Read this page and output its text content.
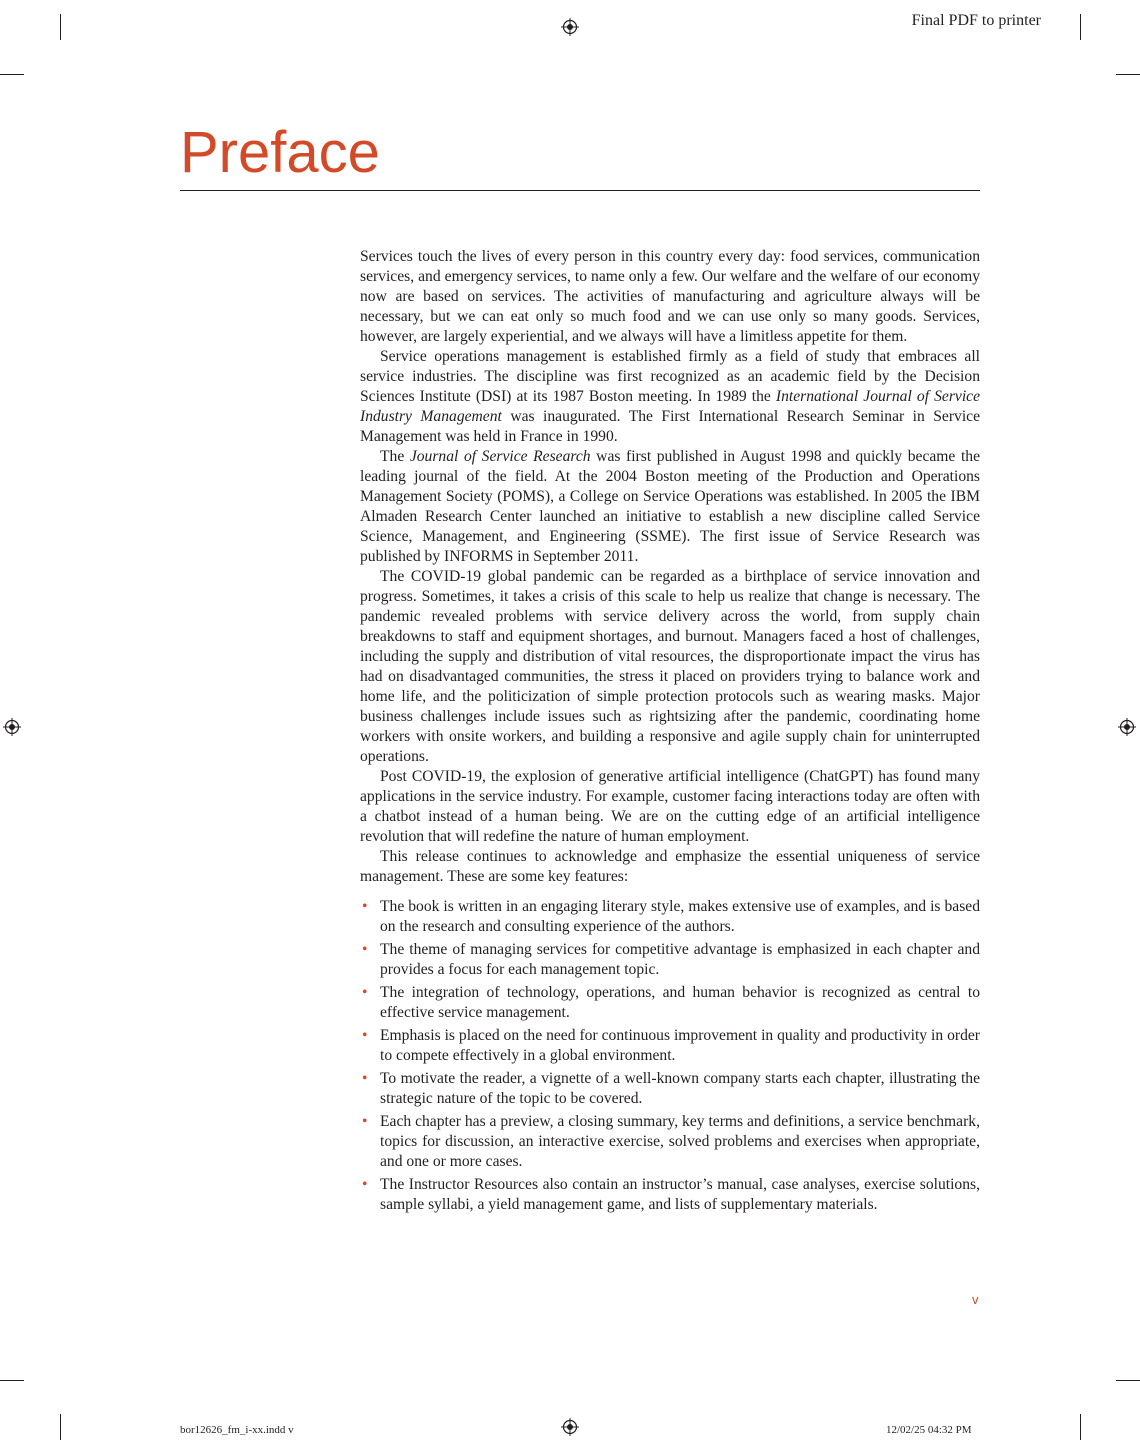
Final PDF to printer
Preface

Services touch the lives of every person in this country every day: food services, communication services, and emergency services, to name only a few. Our welfare and the welfare of our economy now are based on services. The activities of manufacturing and agriculture always will be necessary, but we can eat only so much food and we can use only so many goods. Services, however, are largely experiential, and we always will have a limitless appetite for them.

Service operations management is established firmly as a field of study that embraces all service industries. The discipline was first recognized as an academic field by the Decision Sciences Institute (DSI) at its 1987 Boston meeting. In 1989 the International Journal of Service Industry Management was inaugurated. The First International Research Seminar in Service Management was held in France in 1990.

The Journal of Service Research was first published in August 1998 and quickly became the leading journal of the field. At the 2004 Boston meeting of the Production and Operations Management Society (POMS), a College on Service Operations was established. In 2005 the IBM Almaden Research Center launched an initiative to establish a new discipline called Service Science, Management, and Engineering (SSME). The first issue of Service Research was published by INFORMS in September 2011.

The COVID-19 global pandemic can be regarded as a birthplace of service innovation and progress. Sometimes, it takes a crisis of this scale to help us realize that change is necessary. The pandemic revealed problems with service delivery across the world, from supply chain breakdowns to staff and equipment shortages, and burnout. Managers faced a host of challenges, including the supply and distribution of vital resources, the disproportionate impact the virus has had on disadvantaged communities, the stress it placed on providers trying to balance work and home life, and the politicization of simple protection protocols such as wearing masks. Major business challenges include issues such as rightsizing after the pandemic, coordinating home workers with onsite workers, and building a responsive and agile supply chain for uninterrupted operations.

Post COVID-19, the explosion of generative artificial intelligence (ChatGPT) has found many applications in the service industry. For example, customer facing interactions today are often with a chatbot instead of a human being. We are on the cutting edge of an artificial intelligence revolution that will redefine the nature of human employment.

This release continues to acknowledge and emphasize the essential uniqueness of service management. These are some key features:

• The book is written in an engaging literary style, makes extensive use of examples, and is based on the research and consulting experience of the authors.
• The theme of managing services for competitive advantage is emphasized in each chapter and provides a focus for each management topic.
• The integration of technology, operations, and human behavior is recognized as central to effective service management.
• Emphasis is placed on the need for continuous improvement in quality and productivity in order to compete effectively in a global environment.
• To motivate the reader, a vignette of a well-known company starts each chapter, illustrating the strategic nature of the topic to be covered.
• Each chapter has a preview, a closing summary, key terms and definitions, a service benchmark, topics for discussion, an interactive exercise, solved problems and exercises when appropriate, and one or more cases.
• The Instructor Resources also contain an instructor’s manual, case analyses, exercise solutions, sample syllabi, a yield management game, and lists of supplementary materials.
v
bor12626_fm_i-xx.indd v	12/02/25 04:32 PM
